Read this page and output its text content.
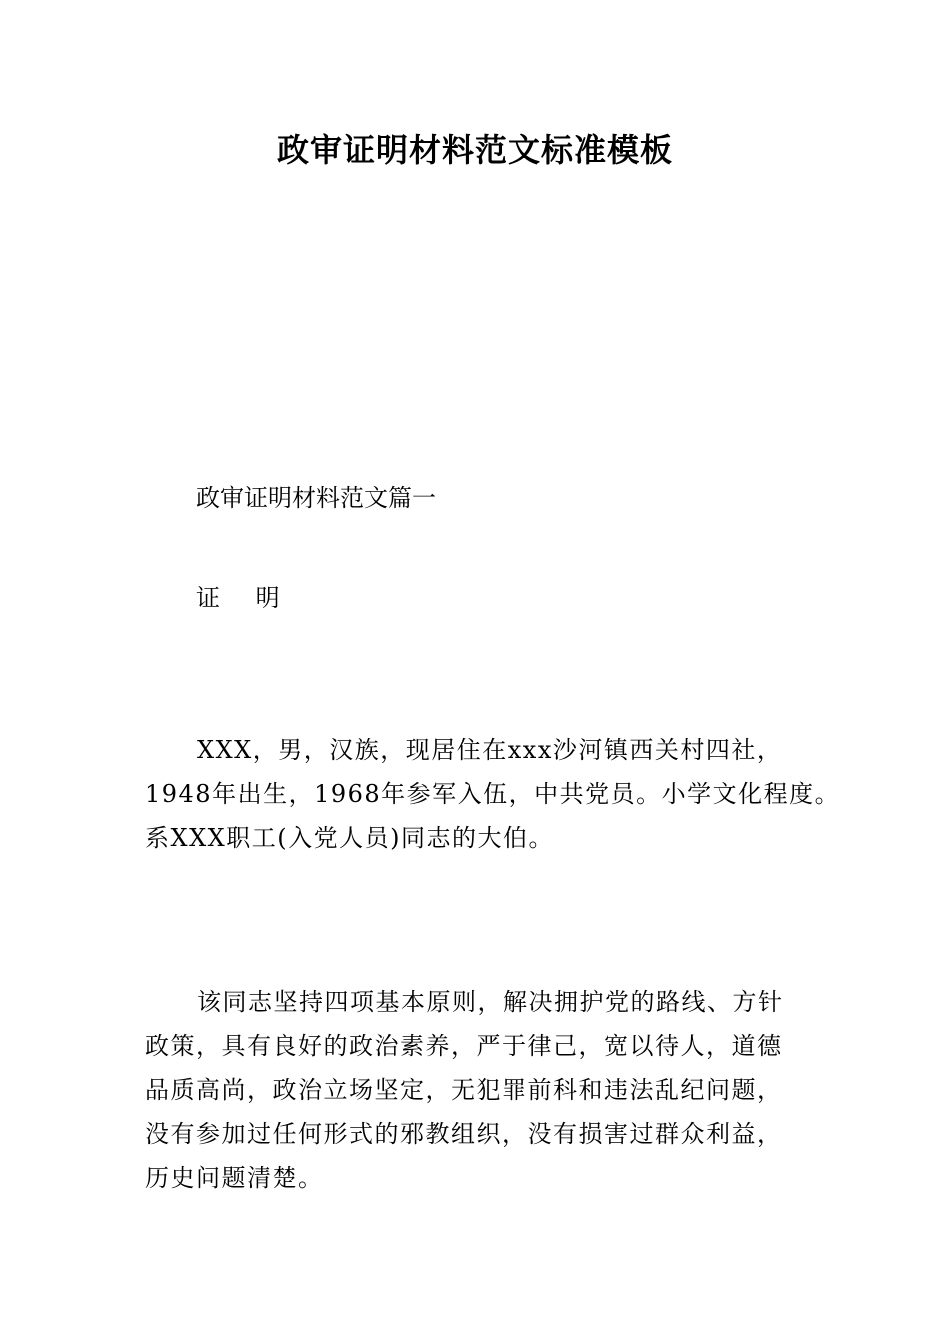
政审证明材料范文标准模板
政审证明材料范文篇一
证 明
XXX，男，汉族，现居住在xxx沙河镇西关村四社，
1948年出生，1968年参军入伍，中共党员。小学文化程度。
系XXX职工(入党人员)同志的大伯。
该同志坚持四项基本原则，解决拥护党的路线、方针
政策，具有良好的政治素养，严于律己，宽以待人，道德
品质高尚，政治立场坚定，无犯罪前科和违法乱纪问题，
没有参加过任何形式的邪教组织，没有损害过群众利益，
历史问题清楚。
